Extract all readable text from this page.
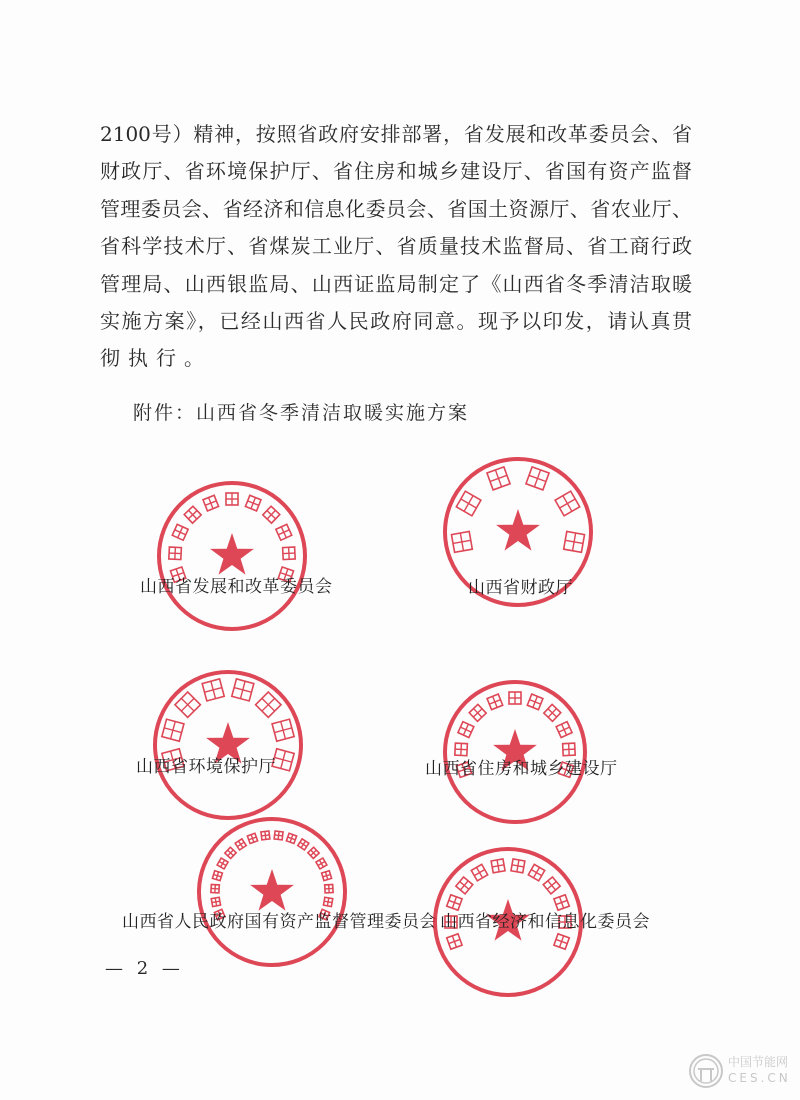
2100号）精神，按照省政府安排部署，省发展和改革委员会、省
财政厅、省环境保护厅、省住房和城乡建设厅、省国有资产监督
管理委员会、省经济和信息化委员会、省国土资源厅、省农业厅、
省科学技术厅、省煤炭工业厅、省质量技术监督局、省工商行政
管理局、山西银监局、山西证监局制定了《山西省冬季清洁取暖
实施方案》，已经山西省人民政府同意。现予以印发，请认真贯
彻执行。
附件：山西省冬季清洁取暖实施方案
山西省发展和改革委员会	山西省财政厅
山西省环境保护厅	山西省住房和城乡建设厅
山西省人民政府国有资产监督管理委员会 山西省经济和信息化委员会
— 2 —
中国节能网
CES.CN
